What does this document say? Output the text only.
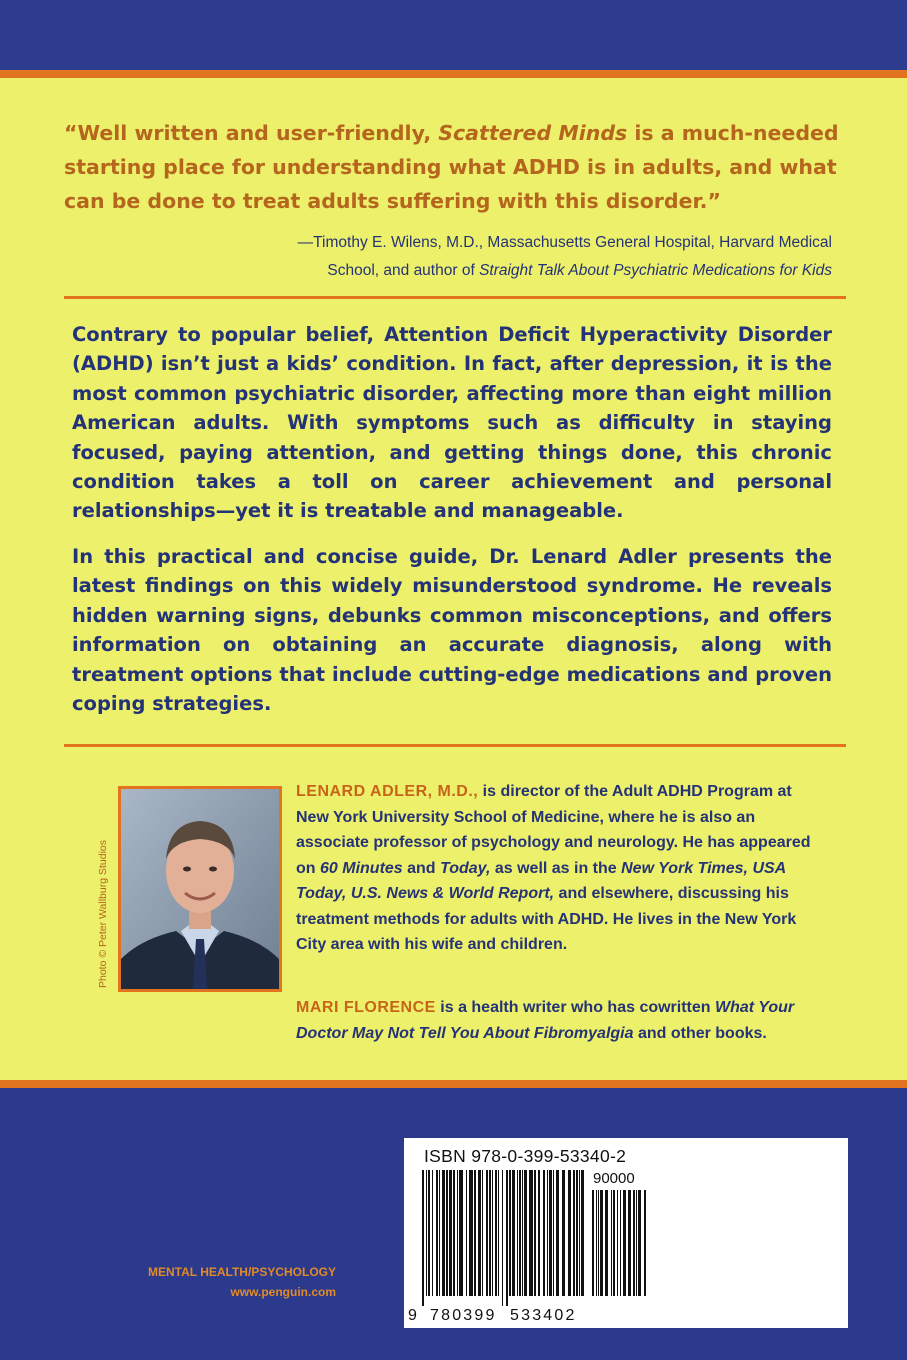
“Well written and user-friendly, Scattered Minds is a much-needed starting place for understanding what ADHD is in adults, and what can be done to treat adults suffering with this disorder.”
—Timothy E. Wilens, M.D., Massachusetts General Hospital, Harvard Medical
School, and author of Straight Talk About Psychiatric Medications for Kids

Contrary to popular belief, Attention Deficit Hyperactivity Disorder (ADHD) isn’t just a kids’ condition. In fact, after depression, it is the most common psychiatric disorder, affecting more than eight million American adults. With symptoms such as difficulty in staying focused, paying attention, and getting things done, this chronic condition takes a toll on career achievement and personal relationships—yet it is treatable and manageable.

In this practical and concise guide, Dr. Lenard Adler presents the latest findings on this widely misunderstood syndrome. He reveals hidden warning signs, debunks common misconceptions, and offers information on obtaining an accurate diagnosis, along with treatment options that include cutting-edge medications and proven coping strategies.

Photo © Peter Wallburg Studios
LENARD ADLER, M.D., is director of the Adult ADHD Program at New York University School of Medicine, where he is also an associate professor of psychology and neurology. He has appeared on 60 Minutes and Today, as well as in the New York Times, USA Today, U.S. News & World Report, and elsewhere, discussing his treatment methods for adults with ADHD. He lives in the New York City area with his wife and children.
MARI FLORENCE is a health writer who has cowritten What Your Doctor May Not Tell You About Fibromyalgia and other books.
ISBN 978-0-399-53340-2
90000
9 780399 533402
MENTAL HEALTH/PSYCHOLOGY
www.penguin.com
